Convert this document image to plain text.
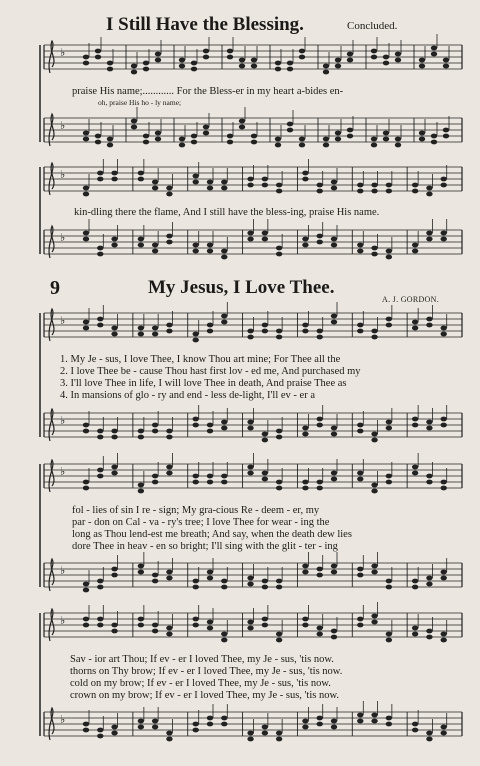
I Still Have the Blessing.	Concluded.
♭
♭
♭
♭
♭
♭
♭
♭
♭
♭
praise His name;............ For the Bless-er in my heart a-bides en-
oh, praise His ho - ly name;
kin-dling there the flame, And I still have the bless-ing, praise His name.
9	My Jesus, I Love Thee.
A. J. GORDON.
1. My Je - sus, I love Thee, I know Thou art mine; For Thee all the
2. I love Thee be - cause Thou hast first lov - ed me, And purchased my
3. I'll love Thee in life, I will love Thee in death, And praise Thee as
4. In mansions of glo - ry and end - less de-light, I'll ev - er a
fol - lies of sin I re - sign; My gra-cious Re - deem - er, my
par - don on Cal - va - ry's tree; I love Thee for wear - ing the
long as Thou lend-est me breath; And say, when the death dew lies
dore Thee in heav - en so bright; I'll sing with the glit - ter - ing
Sav - ior art Thou; If ev - er I loved Thee, my Je - sus, 'tis now.
thorns on Thy brow; If ev - er I loved Thee, my Je - sus, 'tis now.
cold on my brow; If ev - er I loved Thee, my Je - sus, 'tis now.
crown on my brow; If ev - er I loved Thee, my Je - sus, 'tis now.
